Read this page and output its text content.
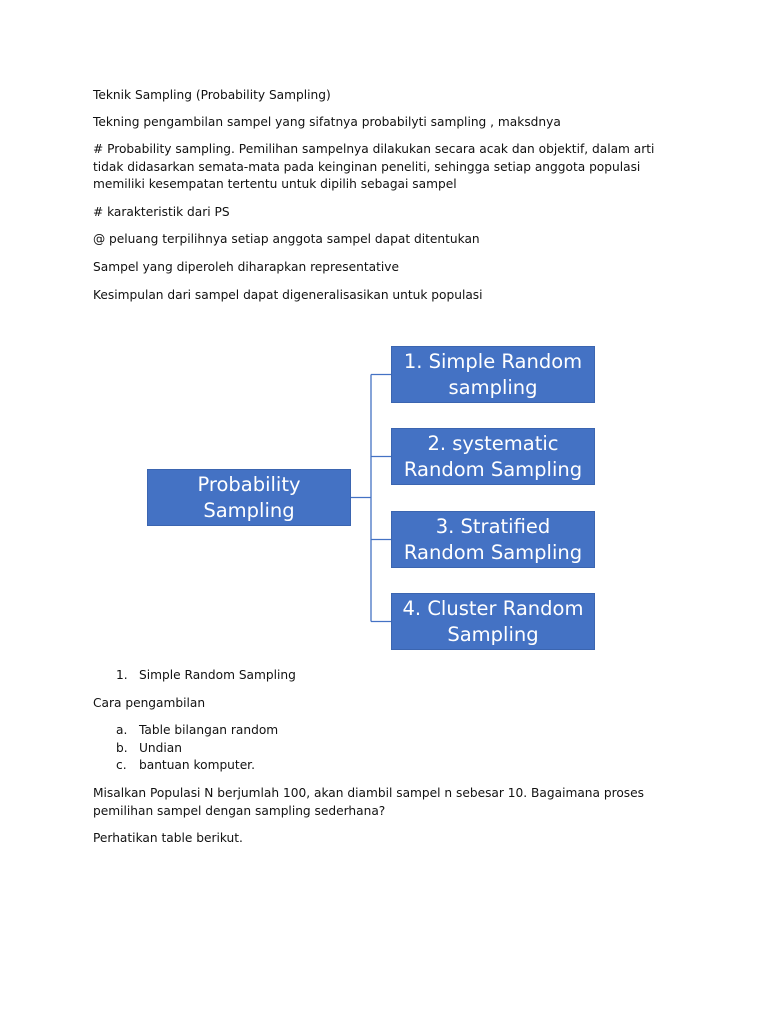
Teknik Sampling (Probability Sampling)

Tekning pengambilan sampel yang sifatnya probabilyti sampling , maksdnya

# Probability sampling. Pemilihan sampelnya dilakukan secara acak dan objektif, dalam arti tidak didasarkan semata-mata pada keinginan peneliti, sehingga setiap anggota populasi memiliki kesempatan tertentu untuk dipilih sebagai sampel

# karakteristik dari PS

@ peluang terpilihnya setiap anggota sampel dapat ditentukan

Sampel yang diperoleh diharapkan representative

Kesimpulan dari sampel dapat digeneralisasikan untuk populasi

Probability Sampling
1. Simple Random sampling
2. systematic Random Sampling
3. Stratified Random Sampling
4. Cluster Random Sampling
1. Simple Random Sampling

Cara pengambilan

a. Table bilangan random
b. Undian
c. bantuan komputer.

Misalkan Populasi N berjumlah 100, akan diambil sampel n sebesar 10. Bagaimana proses pemilihan sampel dengan sampling sederhana?

Perhatikan table berikut.
